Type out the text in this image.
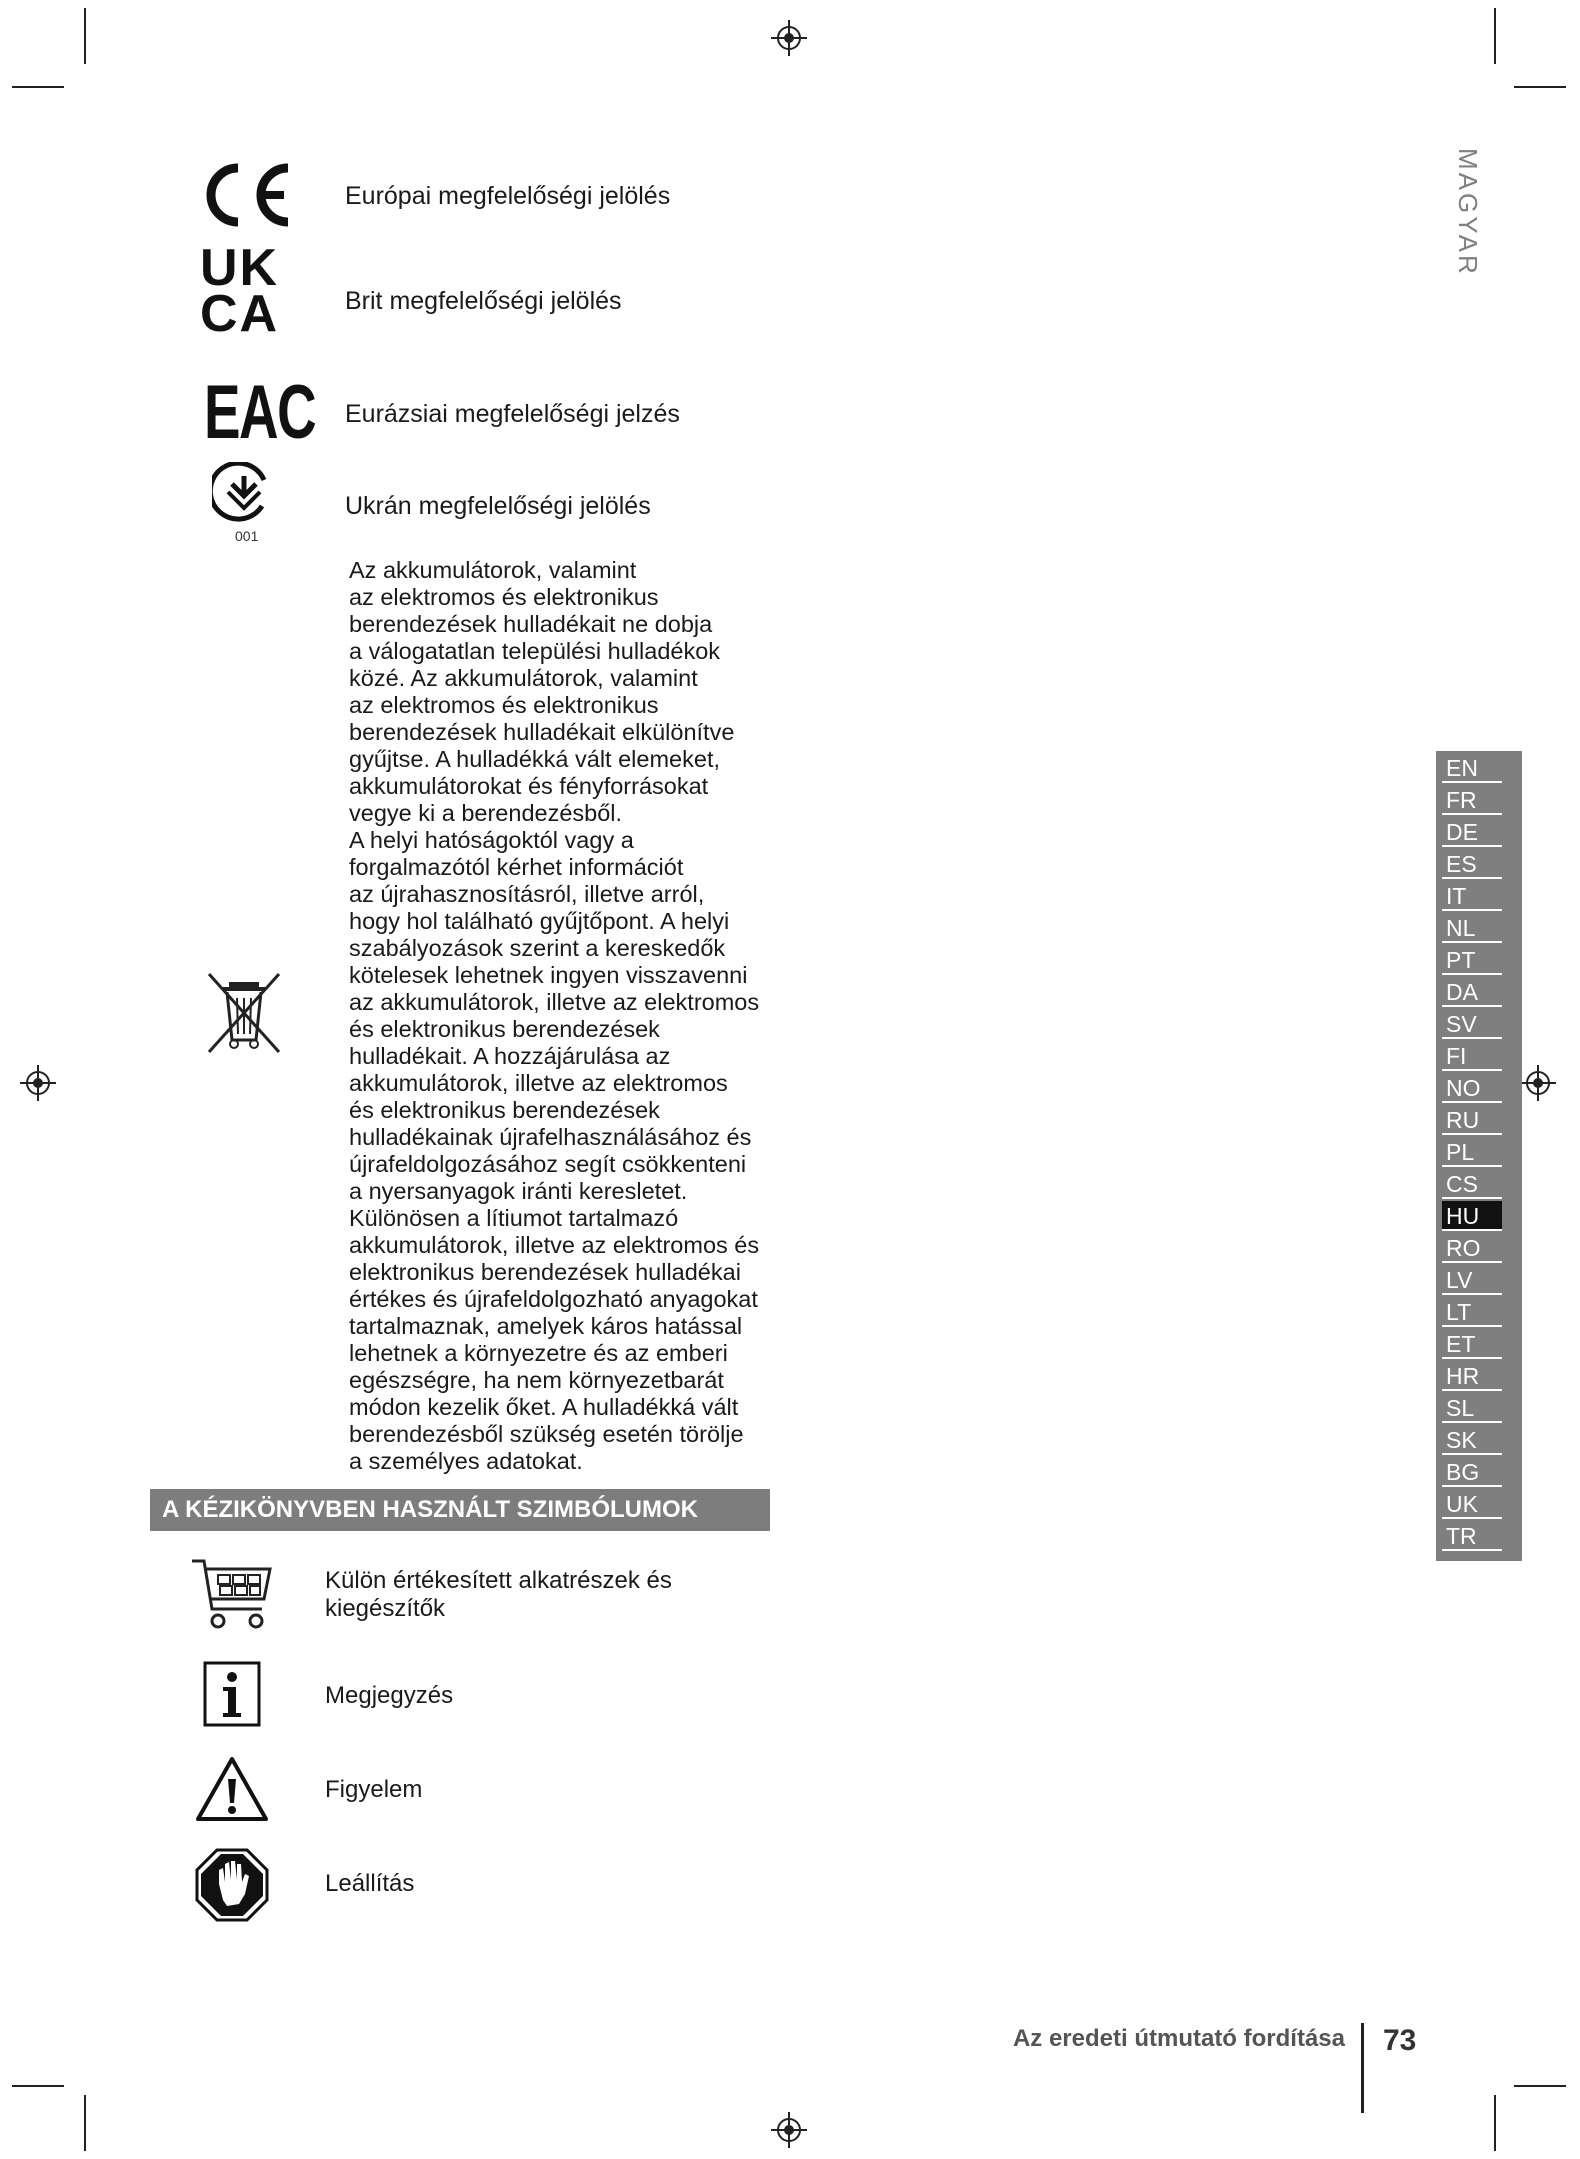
MAGYAR
Európai megfelelőségi jelölés
UK
CA	Brit megfelelőségi jelölés
EAC Eurázsiai megfelelőségi jelzés
001
Ukrán megfelelőségi jelölés
Az akkumulátorok, valamint
az elektromos és elektronikus
berendezések hulladékait ne dobja
a válogatatlan települési hulladékok
közé. Az akkumulátorok, valamint
az elektromos és elektronikus
berendezések hulladékait elkülönítve
gyűjtse. A hulladékká vált elemeket,
akkumulátorokat és fényforrásokat
vegye ki a berendezésből.
A helyi hatóságoktól vagy a
forgalmazótól kérhet információt
az újrahasznosításról, illetve arról,
hogy hol található gyűjtőpont. A helyi
szabályozások szerint a kereskedők
kötelesek lehetnek ingyen visszavenni
az akkumulátorok, illetve az elektromos
és elektronikus berendezések
hulladékait. A hozzájárulása az
akkumulátorok, illetve az elektromos
és elektronikus berendezések
hulladékainak újrafelhasználásához és
újrafeldolgozásához segít csökkenteni
a nyersanyagok iránti keresletet.
Különösen a lítiumot tartalmazó
akkumulátorok, illetve az elektromos és
elektronikus berendezések hulladékai
értékes és újrafeldolgozható anyagokat
tartalmaznak, amelyek káros hatással
lehetnek a környezetre és az emberi
egészségre, ha nem környezetbarát
módon kezelik őket. A hulladékká vált
berendezésből szükség esetén törölje
a személyes adatokat.
A KÉZIKÖNYVBEN HASZNÁLT SZIMBÓLUMOK
Külön értékesített alkatrészek és
kiegészítők
Megjegyzés
Figyelem
Leállítás
EN
FR
DE
ES
IT
NL
PT
DA
SV
FI
NO
RU
PL
CS
HU
RO
LV
LT
ET
HR
SL
SK
BG
UK
TR
Az eredeti útmutató fordítása 73
